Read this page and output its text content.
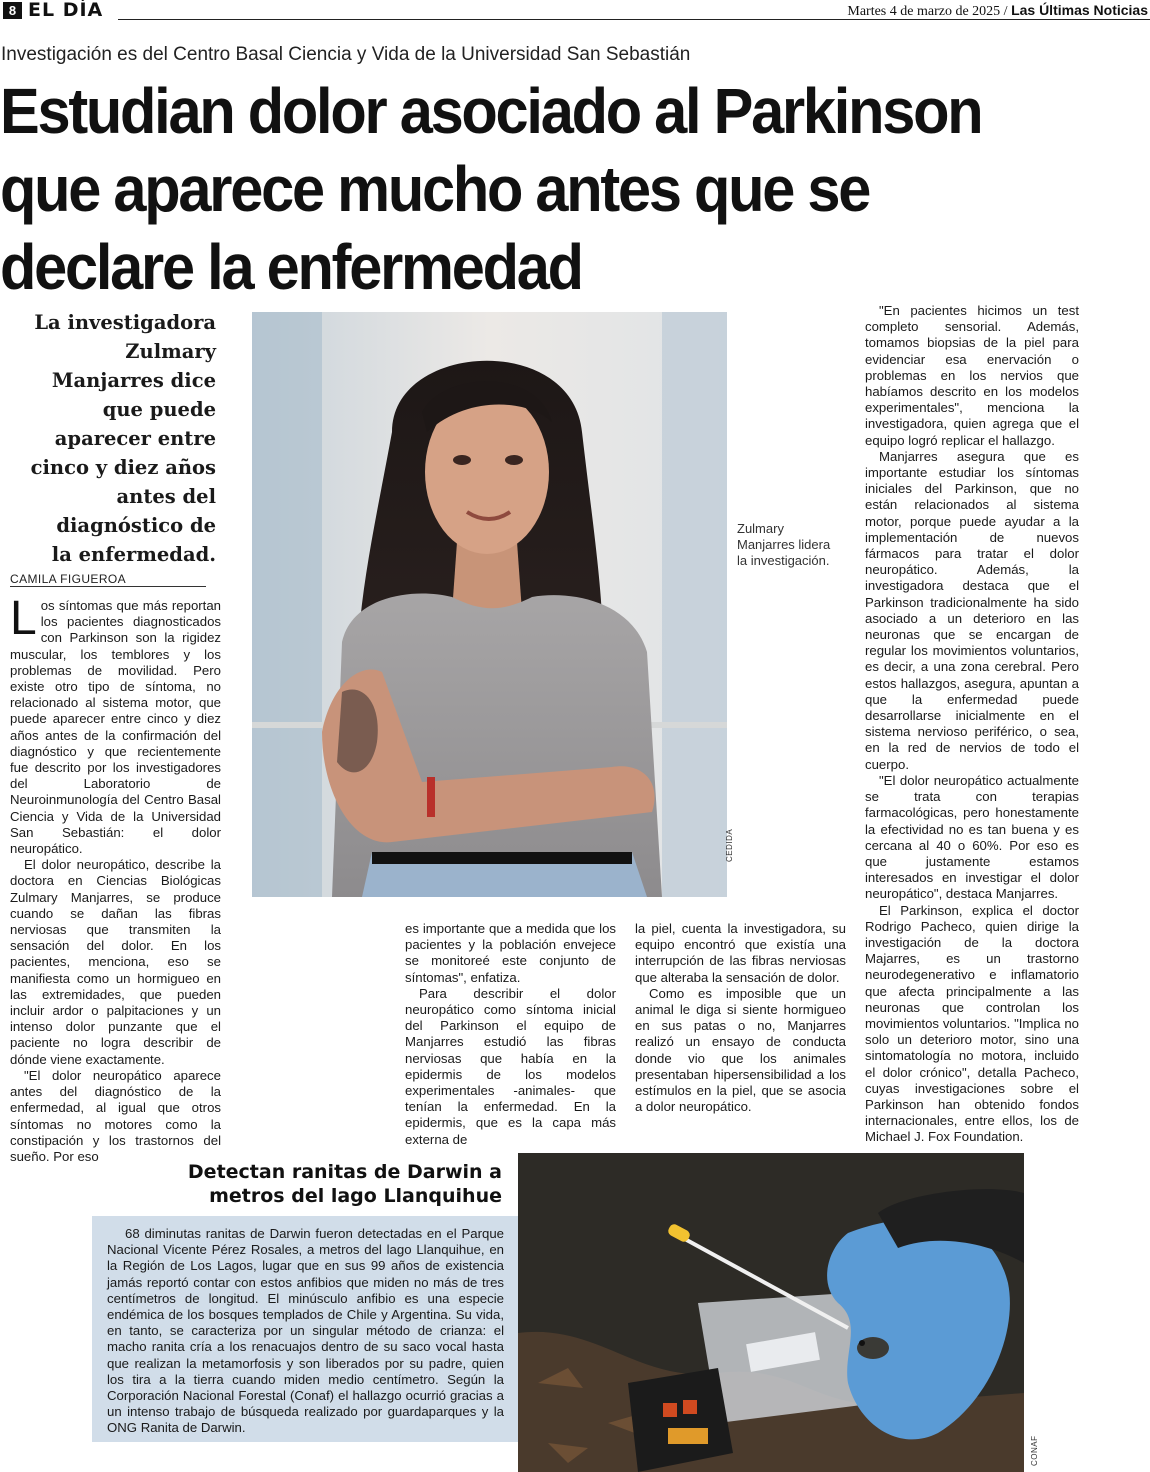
8 EL DÍA	Martes 4 de marzo de 2025 / Las Últimas Noticias
Investigación es del Centro Basal Ciencia y Vida de la Universidad San Sebastián
Estudian dolor asociado al Parkinson que aparece mucho antes que se declare la enfermedad
La investigadora Zulmary Manjarres dice que puede aparecer entre cinco y diez años antes del diagnóstico de la enfermedad.
CAMILA FIGUEROA

Los síntomas que más reportan los pacientes diagnosticados con Parkinson son la rigidez muscular, los temblores y los problemas de movilidad. Pero existe otro tipo de síntoma, no relacionado al sistema motor, que puede aparecer entre cinco y diez años antes de la confirmación del diagnóstico y que recientemente fue descrito por los investigadores del Laboratorio de Neuroinmunología del Centro Basal Ciencia y Vida de la Universidad San Sebastián: el dolor neuropático.

El dolor neuropático, describe la doctora en Ciencias Biológicas Zulmary Manjarres, se produce cuando se dañan las fibras nerviosas que transmiten la sensación del dolor. En los pacientes, menciona, eso se manifiesta como un hormigueo en las extremidades, que pueden incluir ardor o palpitaciones y un intenso dolor punzante que el paciente no logra describir de dónde viene exactamente.

"El dolor neuropático aparece antes del diagnóstico de la enfermedad, al igual que otros síntomas no motores como la constipación y los trastornos del sueño. Por eso

Zulmary Manjarres lidera la investigación.
CEDIDA

es importante que a medida que los pacientes y la población envejece se monitoreé este conjunto de síntomas", enfatiza.

Para describir el dolor neuropático como síntoma inicial del Parkinson el equipo de Manjarres estudió las fibras nerviosas que había en la epidermis de los modelos experimentales -animales- que tenían la enfermedad. En la epidermis, que es la capa más externa de

la piel, cuenta la investigadora, su equipo encontró que existía una interrupción de las fibras nerviosas que alteraba la sensación de dolor.

Como es imposible que un animal le diga si siente hormigueo en sus patas o no, Manjarres realizó un ensayo de conducta donde vio que los animales presentaban hipersensibilidad a los estímulos en la piel, que se asocia a dolor neuropático.

"En pacientes hicimos un test completo sensorial. Además, tomamos biopsias de la piel para evidenciar esa enervación o problemas en los nervios que habíamos descrito en los modelos experimentales", menciona la investigadora, quien agrega que el equipo logró replicar el hallazgo.

Manjarres asegura que es importante estudiar los síntomas iniciales del Parkinson, que no están relacionados al sistema motor, porque puede ayudar a la implementación de nuevos fármacos para tratar el dolor neuropático. Además, la investigadora destaca que el Parkinson tradicionalmente ha sido asociado a un deterioro en las neuronas que se encargan de regular los movimientos voluntarios, es decir, a una zona cerebral. Pero estos hallazgos, asegura, apuntan a que la enfermedad puede desarrollarse inicialmente en el sistema nervioso periférico, o sea, en la red de nervios de todo el cuerpo.

"El dolor neuropático actualmente se trata con terapias farmacológicas, pero honestamente la efectividad no es tan buena y es cercana al 40 o 60%. Por eso es que justamente estamos interesados en investigar el dolor neuropático", destaca Manjarres.

El Parkinson, explica el doctor Rodrigo Pacheco, quien dirige la investigación de la doctora Majarres, es un trastorno neurodegenerativo e inflamatorio que afecta principalmente a las neuronas que controlan los movimientos voluntarios. "Implica no solo un deterioro motor, sino una sintomatología no motora, incluido el dolor crónico", detalla Pacheco, cuyas investigaciones sobre el Parkinson han obtenido fondos internacionales, entre ellos, los de Michael J. Fox Foundation.

Detectan ranitas de Darwin a metros del lago Llanquihue
68 diminutas ranitas de Darwin fueron detectadas en el Parque Nacional Vicente Pérez Rosales, a metros del lago Llanquihue, en la Región de Los Lagos, lugar que en sus 99 años de existencia jamás reportó contar con estos anfibios que miden no más de tres centímetros de longitud. El minúsculo anfibio es una especie endémica de los bosques templados de Chile y Argentina. Su vida, en tanto, se caracteriza por un singular método de crianza: el macho ranita cría a los renacuajos dentro de su saco vocal hasta que realizan la metamorfosis y son liberados por su padre, quien los tira a la tierra cuando miden medio centímetro. Según la Corporación Nacional Forestal (Conaf) el hallazgo ocurrió gracias a un intenso trabajo de búsqueda realizado por guardaparques y la ONG Ranita de Darwin.
CONAF
